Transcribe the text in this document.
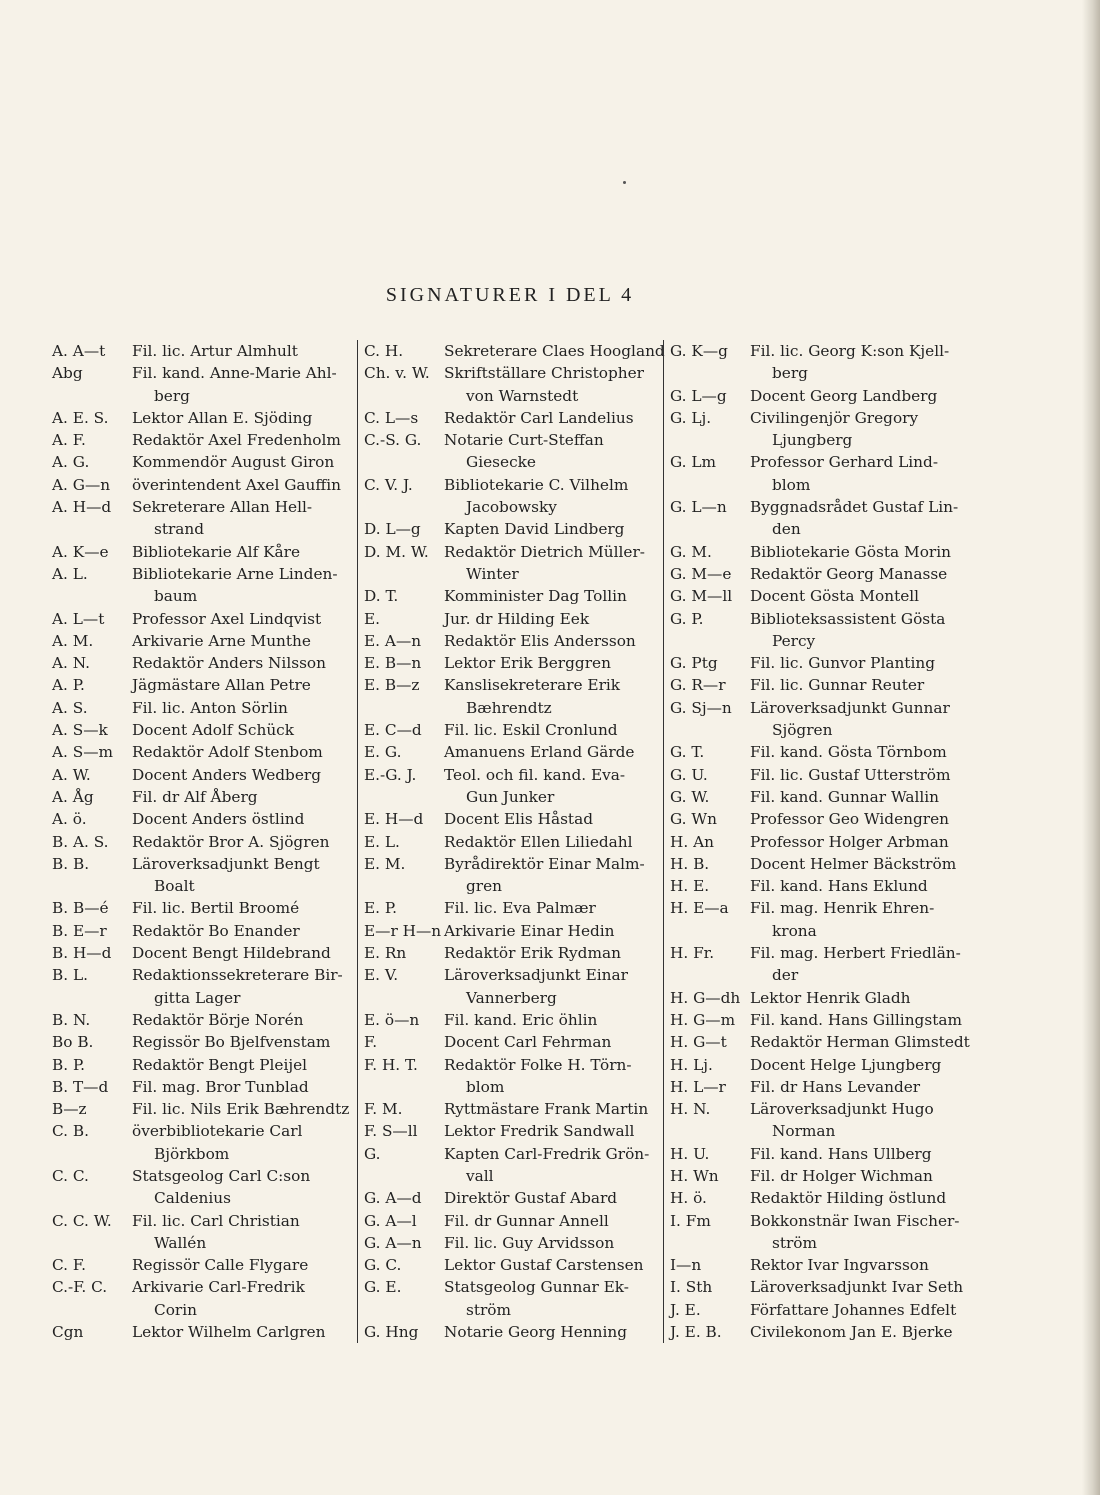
SIGNATURER I DEL 4
A. A—t	Fil. lic. Artur Almhult
Abg	Fil. kand. Anne-Marie Ahl-
berg
A. E. S.	Lektor Allan E. Sjöding
A. F.	Redaktör Axel Fredenholm
A. G.	Kommendör August Giron
A. G—n	överintendent Axel Gauffin
A. H—d	Sekreterare Allan Hell-
strand
A. K—e	Bibliotekarie Alf Kåre
A. L.	Bibliotekarie Arne Linden-
baum
A. L—t	Professor Axel Lindqvist
A. M.	Arkivarie Arne Munthe
A. N.	Redaktör Anders Nilsson
A. P.	Jägmästare Allan Petre
A. S.	Fil. lic. Anton Sörlin
A. S—k	Docent Adolf Schück
A. S—m	Redaktör Adolf Stenbom
A. W.	Docent Anders Wedberg
A. Åg	Fil. dr Alf Åberg
A. ö.	Docent Anders östlind
B. A. S.	Redaktör Bror A. Sjögren
B. B.	Läroverksadjunkt Bengt
Boalt
B. B—é	Fil. lic. Bertil Broomé
B. E—r	Redaktör Bo Enander
B. H—d	Docent Bengt Hildebrand
B. L.	Redaktionssekreterare Bir-
gitta Lager
B. N.	Redaktör Börje Norén
Bo B.	Regissör Bo Bjelfvenstam
B. P.	Redaktör Bengt Pleijel
B. T—d	Fil. mag. Bror Tunblad
B—z	Fil. lic. Nils Erik Bæhrendtz
C. B.	överbibliotekarie Carl
Björkbom
C. C.	Statsgeolog Carl C:son
Caldenius
C. C. W.	Fil. lic. Carl Christian
Wallén
C. F.	Regissör Calle Flygare
C.-F. C.	Arkivarie Carl-Fredrik
Corin
Cgn	Lektor Wilhelm Carlgren
C. H.	Sekreterare Claes Hoogland
Ch. v. W. Skriftställare Christopher
von Warnstedt
C. L—s	Redaktör Carl Landelius
C.-S. G.	Notarie Curt-Steffan
Giesecke
C. V. J.	Bibliotekarie C. Vilhelm
Jacobowsky
D. L—g	Kapten David Lindberg
D. M. W. Redaktör Dietrich Müller-
Winter
D. T.	Komminister Dag Tollin
E.	Jur. dr Hilding Eek
E. A—n	Redaktör Elis Andersson
E. B—n	Lektor Erik Berggren
E. B—z	Kanslisekreterare Erik
Bæhrendtz
E. C—d	Fil. lic. Eskil Cronlund
E. G.	Amanuens Erland Gärde
E.-G. J.	Teol. och fil. kand. Eva-
Gun Junker
E. H—d	Docent Elis Håstad
E. L.	Redaktör Ellen Liliedahl
E. M.	Byrådirektör Einar Malm-
gren
E. P.	Fil. lic. Eva Palmær
E—r H—n Arkivarie Einar Hedin
E. Rn	Redaktör Erik Rydman
E. V.	Läroverksadjunkt Einar
Vannerberg
E. ö—n	Fil. kand. Eric öhlin
F.	Docent Carl Fehrman
F. H. T.	Redaktör Folke H. Törn-
blom
F. M.	Ryttmästare Frank Martin
F. S—ll	Lektor Fredrik Sandwall
G.	Kapten Carl-Fredrik Grön-
vall
G. A—d	Direktör Gustaf Abard
G. A—l	Fil. dr Gunnar Annell
G. A—n	Fil. lic. Guy Arvidsson
G. C.	Lektor Gustaf Carstensen
G. E.	Statsgeolog Gunnar Ek-
ström
G. Hng	Notarie Georg Henning
G. K—g	Fil. lic. Georg K:son Kjell-
berg
G. L—g	Docent Georg Landberg
G. Lj.	Civilingenjör Gregory
Ljungberg
G. Lm	Professor Gerhard Lind-
blom
G. L—n	Byggnadsrådet Gustaf Lin-
den
G. M.	Bibliotekarie Gösta Morin
G. M—e	Redaktör Georg Manasse
G. M—ll	Docent Gösta Montell
G. P.	Biblioteksassistent Gösta
Percy
G. Ptg	Fil. lic. Gunvor Planting
G. R—r	Fil. lic. Gunnar Reuter
G. Sj—n	Läroverksadjunkt Gunnar
Sjögren
G. T.	Fil. kand. Gösta Törnbom
G. U.	Fil. lic. Gustaf Utterström
G. W.	Fil. kand. Gunnar Wallin
G. Wn	Professor Geo Widengren
H. An	Professor Holger Arbman
H. B.	Docent Helmer Bäckström
H. E.	Fil. kand. Hans Eklund
H. E—a	Fil. mag. Henrik Ehren-
krona
H. Fr.	Fil. mag. Herbert Friedlän-
der
H. G—dh Lektor Henrik Gladh
H. G—m Fil. kand. Hans Gillingstam
H. G—t	Redaktör Herman Glimstedt
H. Lj.	Docent Helge Ljungberg
H. L—r	Fil. dr Hans Levander
H. N.	Läroverksadjunkt Hugo
Norman
H. U.	Fil. kand. Hans Ullberg
H. Wn	Fil. dr Holger Wichman
H. ö.	Redaktör Hilding östlund
I. Fm	Bokkonstnär Iwan Fischer-
ström
I—n	Rektor Ivar Ingvarsson
I. Sth	Läroverksadjunkt Ivar Seth
J. E.	Författare Johannes Edfelt
J. E. B.	Civilekonom Jan E. Bjerke
